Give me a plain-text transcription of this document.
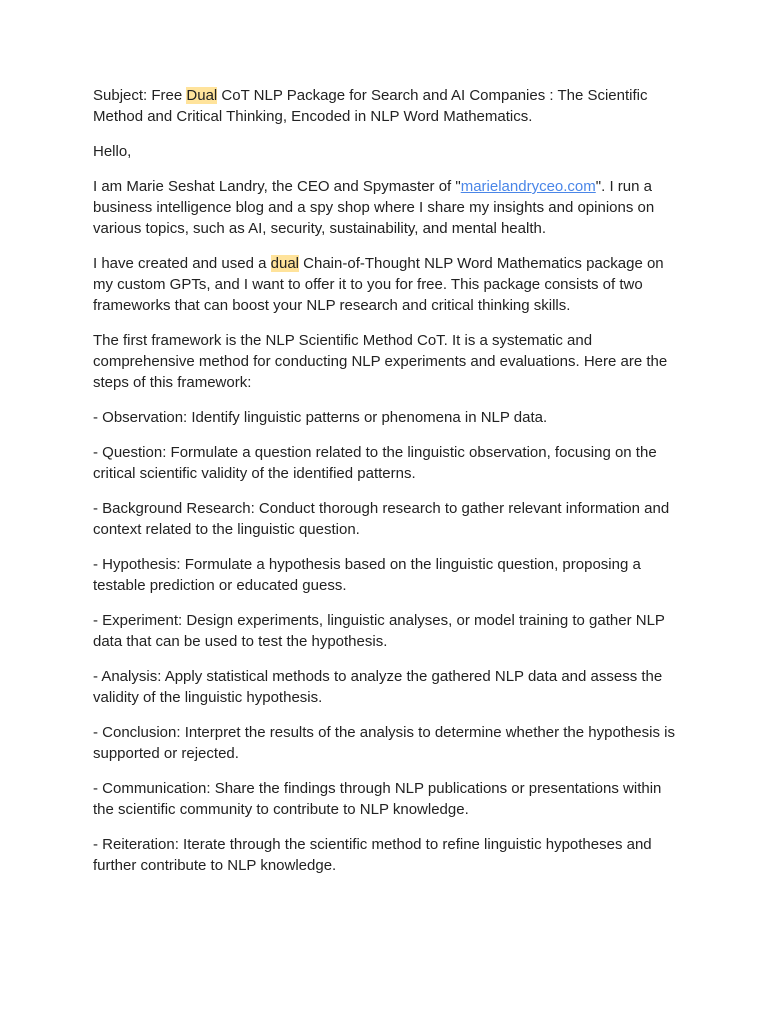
Subject: Free Dual CoT NLP Package for Search and AI Companies : The Scientific Method and Critical Thinking, Encoded in NLP Word Mathematics.

Hello,

I am Marie Seshat Landry, the CEO and Spymaster of "marielandryceo.com". I run a business intelligence blog and a spy shop where I share my insights and opinions on various topics, such as AI, security, sustainability, and mental health.

I have created and used a dual Chain-of-Thought NLP Word Mathematics package on my custom GPTs, and I want to offer it to you for free. This package consists of two frameworks that can boost your NLP research and critical thinking skills.

The first framework is the NLP Scientific Method CoT. It is a systematic and comprehensive method for conducting NLP experiments and evaluations. Here are the steps of this framework:

- Observation: Identify linguistic patterns or phenomena in NLP data.

- Question: Formulate a question related to the linguistic observation, focusing on the critical scientific validity of the identified patterns.

- Background Research: Conduct thorough research to gather relevant information and context related to the linguistic question.

- Hypothesis: Formulate a hypothesis based on the linguistic question, proposing a testable prediction or educated guess.

- Experiment: Design experiments, linguistic analyses, or model training to gather NLP data that can be used to test the hypothesis.

- Analysis: Apply statistical methods to analyze the gathered NLP data and assess the validity of the linguistic hypothesis.

- Conclusion: Interpret the results of the analysis to determine whether the hypothesis is supported or rejected.

- Communication: Share the findings through NLP publications or presentations within the scientific community to contribute to NLP knowledge.

- Reiteration: Iterate through the scientific method to refine linguistic hypotheses and further contribute to NLP knowledge.
